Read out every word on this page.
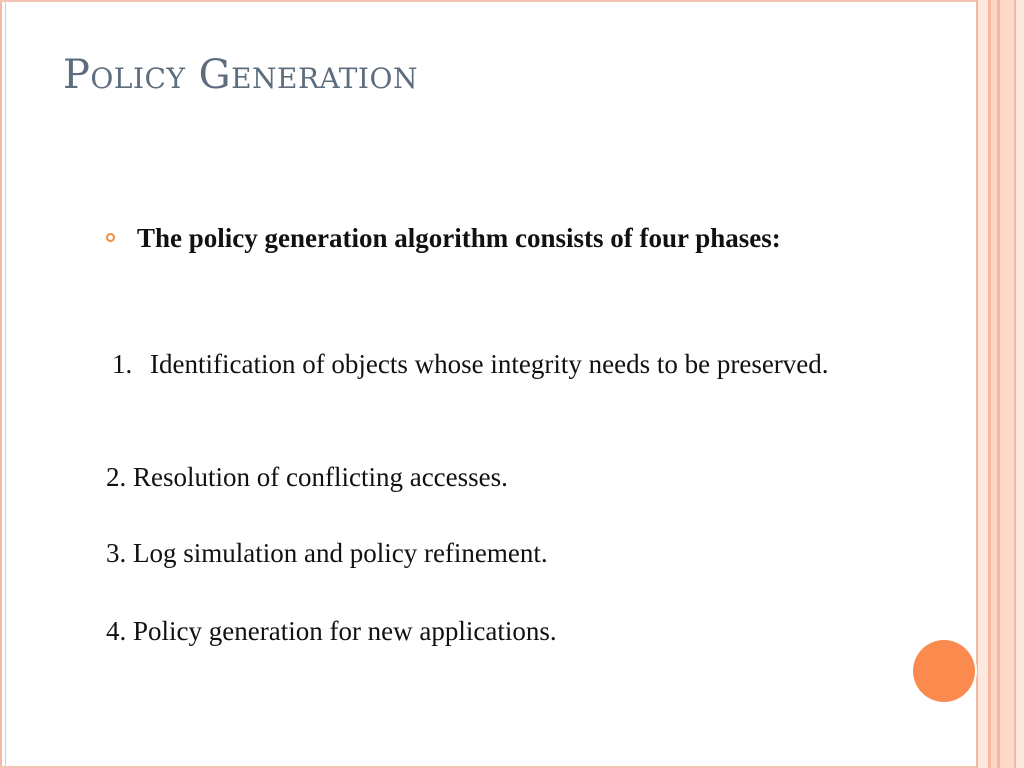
Policy Generation
The policy generation algorithm consists of four phases:
1. Identification of objects whose integrity needs to be preserved.
2. Resolution of conflicting accesses.
3. Log simulation and policy refinement.
4. Policy generation for new applications.
